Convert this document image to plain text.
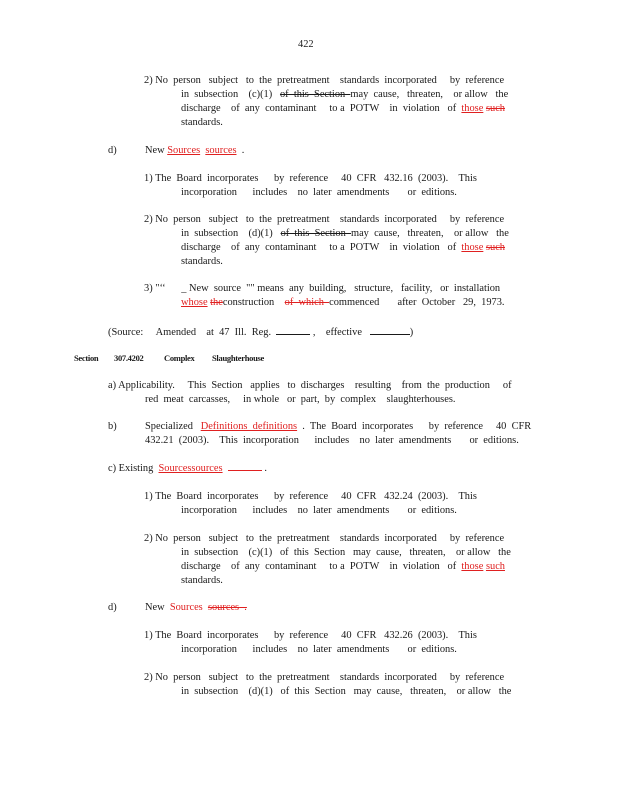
422
2) No  person   subject   to  the  pretreatment    standards  incorporated     by  reference
in  subsection    (c)(1)   of  this  Section  may  cause,   threaten,    or allow   the
discharge    of  any  contaminant     to a  POTW    in  violation   of  those such
standards.
d)	New Sources sources  .
1) The  Board  incorporates      by  reference     40  CFR   432.16  (2003).    This
incorporation      includes    no  later  amendments       or  editions.
2) No  person   subject   to  the  pretreatment    standards  incorporated     by  reference
in  subsection    (d)(1)   of  this  Section  may  cause,   threaten,    or allow   the
discharge    of  any  contaminant     to a  POTW    in  violation   of  those such
standards.
3) "‘‘      _ New  source  "" means  any  building,   structure,   facility,   or  installation
whose theconstruction    of  which  commenced       after  October   29,  1973.
(Source:     Amended    at  47  Ill.  Reg.	,    effective	)
Section 307.4202 Complex Slaughterhouse
a) Applicability.     This  Section   applies   to  discharges    resulting    from  the  production     of
red  meat  carcasses,     in whole   or  part,  by  complex    slaughterhouses.
b)	Specialized   Definitions  definitions  .  The  Board  incorporates      by  reference     40  CFR
432.21  (2003).    This  incorporation      includes    no  later  amendments       or  editions.
c) Existing  Sourcessources	.
1) The  Board  incorporates      by  reference     40  CFR   432.24  (2003).    This
incorporation      includes    no  later  amendments       or  editions.
2) No  person   subject   to  the  pretreatment    standards  incorporated     by  reference
in  subsection    (c)(1)   of  this  Section   may  cause,   threaten,    or allow   the
discharge    of  any  contaminant     to a  POTW    in  violation   of  those such
standards.
d)	New  Sources sources  .
1) The  Board  incorporates      by  reference     40  CFR   432.26  (2003).    This
incorporation      includes    no  later  amendments       or  editions.
2) No  person   subject   to  the  pretreatment    standards  incorporated     by  reference
in  subsection    (d)(1)   of  this  Section   may  cause,   threaten,    or allow   the
